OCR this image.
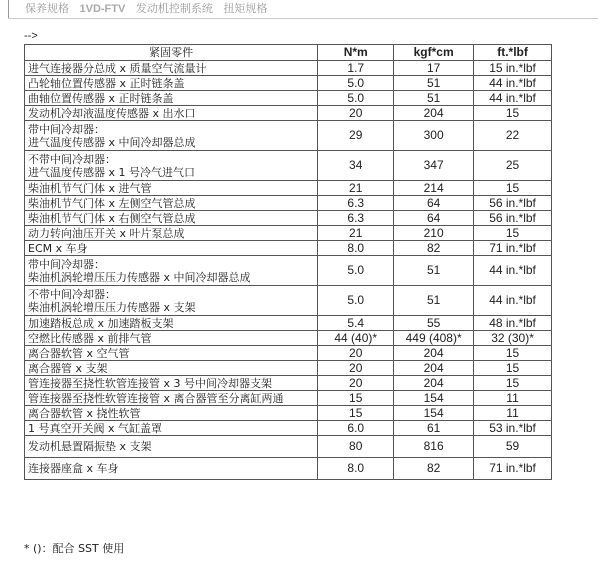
保养规格 1VD-FTV 发动机控制系统 扭矩规格
-->
紧固零件	N*m	kgf*cm	ft.*lbf

进气连接器分总成 x 质量空气流量计	1.7	17	15 in.*lbf

凸轮轴位置传感器 x 正时链条盖	5.0	51	44 in.*lbf

曲轴位置传感器 x 正时链条盖	5.0	51	44 in.*lbf

发动机冷却液温度传感器 x 出水口	20	204	15

带中间冷却器：
进气温度传感器 x 中间冷却器总成	29	300	22

不带中间冷却器：
进气温度传感器 x 1 号冷气进气口	34	347	25

柴油机节气门体 x 进气管	21	214	15

柴油机节气门体 x 左侧空气管总成	6.3	64	56 in.*lbf

柴油机节气门体 x 右侧空气管总成	6.3	64	56 in.*lbf

动力转向油压开关 x 叶片泵总成	21	210	15

ECM x 车身	8.0	82	71 in.*lbf

带中间冷却器：
柴油机涡轮增压压力传感器 x 中间冷却器总成	5.0	51	44 in.*lbf

不带中间冷却器：
柴油机涡轮增压压力传感器 x 支架	5.0	51	44 in.*lbf

加速踏板总成 x 加速踏板支架	5.4	55	48 in.*lbf

空燃比传感器 x 前排气管	44 (40)*	449 (408)*	32 (30)*

离合器软管 x 空气管	20	204	15

离合器管 x 支架	20	204	15

管连接器至挠性软管连接管 x 3 号中间冷却器支架	20	204	15

管连接器至挠性软管连接管 x 离合器管至分离缸两通	15	154	11

离合器软管 x 挠性软管	15	154	11

1 号真空开关阀 x 气缸盖罩	6.0	61	53 in.*lbf

发动机悬置隔振垫 x 支架	80	816	59

连接器座盒 x 车身	8.0	82	71 in.*lbf
* ()：配合 SST 使用
